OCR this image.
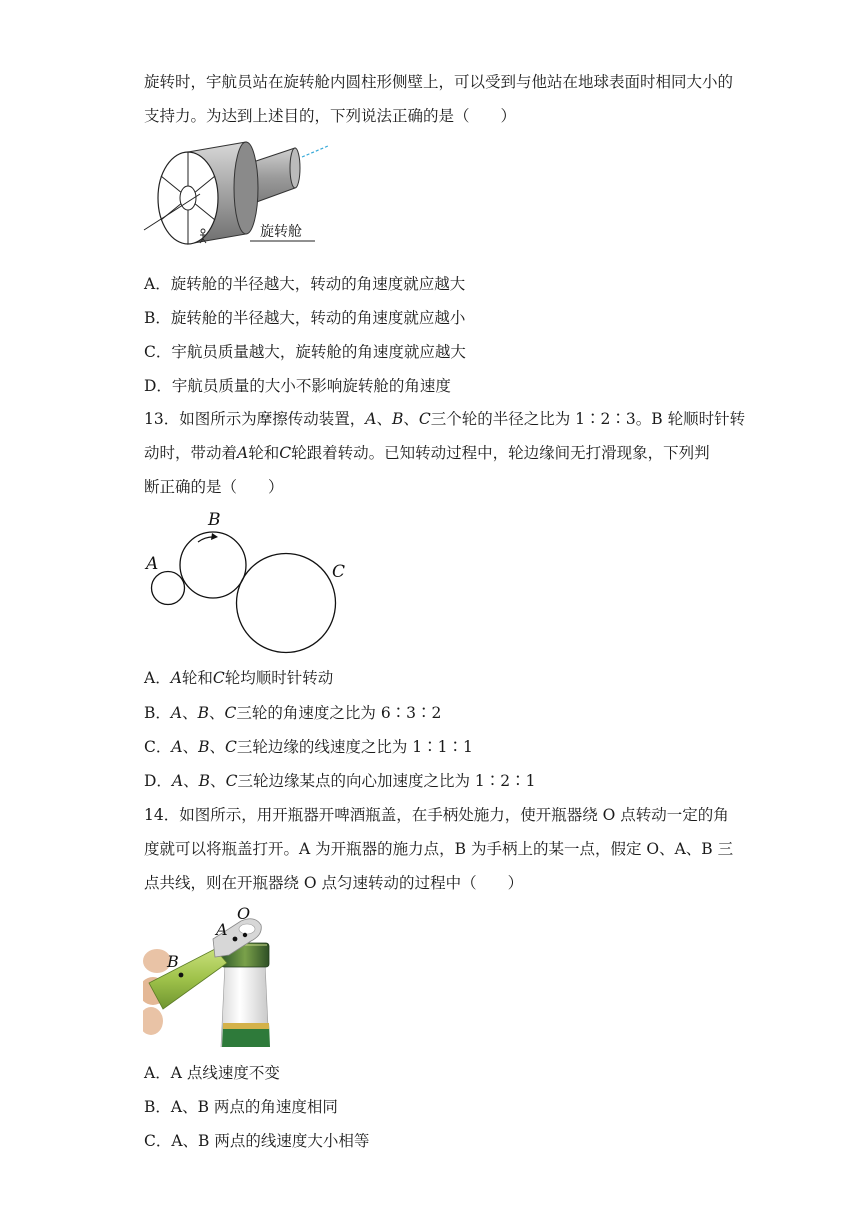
旋转时，宇航员站在旋转舱内圆柱形侧壁上，可以受到与他站在地球表面时相同大小的
支持力。为达到上述目的，下列说法正确的是（　　）
旋转舱
A．旋转舱的半径越大，转动的角速度就应越大
B．旋转舱的半径越大，转动的角速度就应越小
C．宇航员质量越大，旋转舱的角速度就应越大
D．宇航员质量的大小不影响旋转舱的角速度
13．如图所示为摩擦传动装置，A、B、C三个轮的半径之比为 1∶2∶3。B 轮顺时针转
动时，带动着A轮和C轮跟着转动。已知转动过程中，轮边缘间无打滑现象，下列判
断正确的是（　　）
B
A	C
A．A轮和C轮均顺时针转动
B．A、B、C三轮的角速度之比为 6∶3∶2
C．A、B、C三轮边缘的线速度之比为 1∶1∶1
D．A、B、C三轮边缘某点的向心加速度之比为 1∶2∶1
14．如图所示，用开瓶器开啤酒瓶盖，在手柄处施力，使开瓶器绕 O 点转动一定的角
度就可以将瓶盖打开。A 为开瓶器的施力点，B 为手柄上的某一点，假定 O、A、B 三
点共线，则在开瓶器绕 O 点匀速转动的过程中（　　）
O
A
B
A．A 点线速度不变
B．A、B 两点的角速度相同
C．A、B 两点的线速度大小相等
